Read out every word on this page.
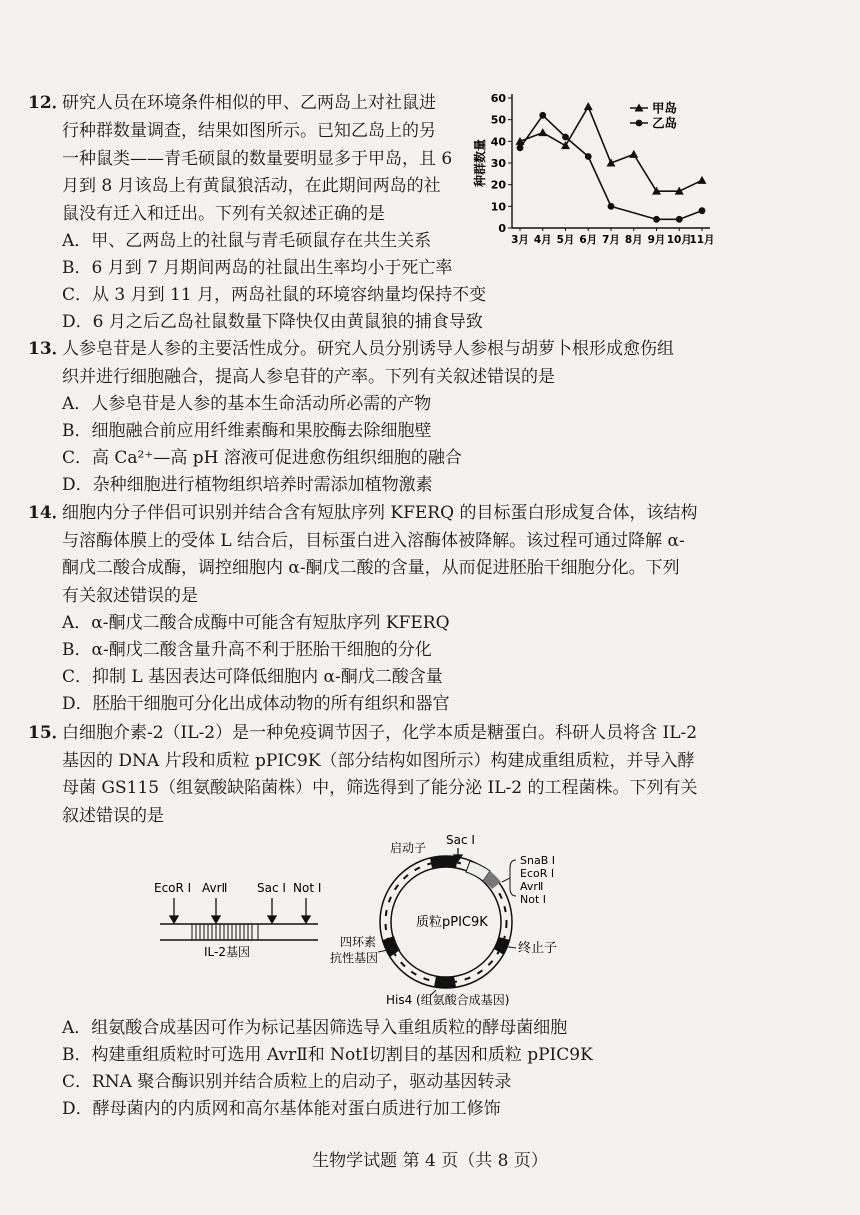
12．
研究人员在环境条件相似的甲、乙两岛上对社鼠进
行种群数量调查，结果如图所示。已知乙岛上的另
一种鼠类——青毛硕鼠的数量要明显多于甲岛，且 6
月到 8 月该岛上有黄鼠狼活动，在此期间两岛的社
鼠没有迁入和迁出。下列有关叙述正确的是
A．甲、乙两岛上的社鼠与青毛硕鼠存在共生关系
B．6 月到 7 月期间两岛的社鼠出生率均小于死亡率
C．从 3 月到 11 月，两岛社鼠的环境容纳量均保持不变
D．6 月之后乙岛社鼠数量下降快仅由黄鼠狼的捕食导致
0
10
20
30
40
50
60
3月 4月 5月 6月 7月 8月 9月 10月
11月
种群数量
甲岛
乙岛
13．
人参皂苷是人参的主要活性成分。研究人员分别诱导人参根与胡萝卜根形成愈伤组
织并进行细胞融合，提高人参皂苷的产率。下列有关叙述错误的是
A．人参皂苷是人参的基本生命活动所必需的产物
B．细胞融合前应用纤维素酶和果胶酶去除细胞壁
C．高 Ca²⁺—高 pH 溶液可促进愈伤组织细胞的融合
D．杂种细胞进行植物组织培养时需添加植物激素
14．
细胞内分子伴侣可识别并结合含有短肽序列 KFERQ 的目标蛋白形成复合体，该结构
与溶酶体膜上的受体 L 结合后，目标蛋白进入溶酶体被降解。该过程可通过降解 α-
酮戊二酸合成酶，调控细胞内 α-酮戊二酸的含量，从而促进胚胎干细胞分化。下列
有关叙述错误的是
A．α-酮戊二酸合成酶中可能含有短肽序列 KFERQ
B．α-酮戊二酸含量升高不利于胚胎干细胞的分化
C．抑制 L 基因表达可降低细胞内 α-酮戊二酸含量
D．胚胎干细胞可分化出成体动物的所有组织和器官
15．
白细胞介素-2（IL-2）是一种免疫调节因子，化学本质是糖蛋白。科研人员将含 IL-2
基因的 DNA 片段和质粒 pPIC9K（部分结构如图所示）构建成重组质粒，并导入酵
母菌 GS115（组氨酸缺陷菌株）中，筛选得到了能分泌 IL-2 的工程菌株。下列有关
叙述错误的是
EcoR Ⅰ AvrⅡ Sac Ⅰ Not Ⅰ
IL-2基因
质粒pPIC9K
启动子
Sac Ⅰ
SnaB Ⅰ
EcoR Ⅰ
AvrⅡ
Not Ⅰ
终止子
四环素
抗性基因
His4 (组氨酸合成基因)
A．组氨酸合成基因可作为标记基因筛选导入重组质粒的酵母菌细胞
B．构建重组质粒时可选用 AvrⅡ和 NotⅠ切割目的基因和质粒 pPIC9K
C．RNA 聚合酶识别并结合质粒上的启动子，驱动基因转录
D．酵母菌内的内质网和高尔基体能对蛋白质进行加工修饰
生物学试题 第 4 页（共 8 页）
